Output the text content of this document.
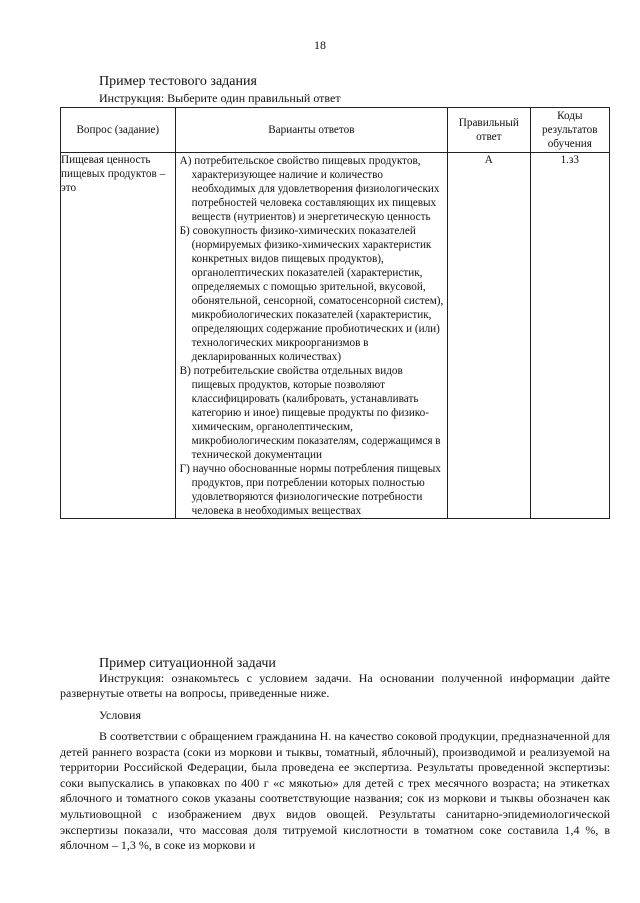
18
Пример тестового задания
Инструкция: Выберите один правильный ответ
Вопрос (задание)	Варианты ответов	Правильный ответ	Коды результатов обучения
Пищевая ценность пищевых продуктов – это	А) потребительское свойство пищевых продуктов, характеризующее наличие и количество необходимых для удовлетворения физиологических потребностей человека составляющих их пищевых веществ (нутриентов) и энергетическую ценность
Б) совокупность физико-химических показателей (нормируемых физико-химических характеристик конкретных видов пищевых продуктов), органолептических показателей (характеристик, определяемых с помощью зрительной, вкусовой, обонятельной, сенсорной, соматосенсорной систем), микробиологических показателей (характеристик, определяющих содержание пробиотических и (или) технологических микроорганизмов в декларированных количествах)
В) потребительские свойства отдельных видов пищевых продуктов, которые позволяют классифицировать (калибровать, устанавливать категорию и иное) пищевые продукты по физико-химическим, органолептическим, микробиологическим показателям, содержащимся в технической документации
Г) научно обоснованные нормы потребления пищевых продуктов, при потреблении которых полностью удовлетворяются физиологические потребности человека в необходимых веществах	А	1.з3
Пример ситуационной задачи
Инструкция: ознакомьтесь с условием задачи. На основании полученной информации дайте развернутые ответы на вопросы, приведенные ниже.
Условия
В соответствии с обращением гражданина Н. на качество соковой продукции, предназначенной для детей раннего возраста (соки из моркови и тыквы, томатный, яблочный), производимой и реализуемой на территории Российской Федерации, была проведена ее экспертиза. Результаты проведенной экспертизы: соки выпускались в упаковках по 400 г «с мякотью» для детей с трех месячного возраста; на этикетках яблочного и томатного соков указаны соответствующие названия; сок из моркови и тыквы обозначен как мультиовощной с изображением двух видов овощей. Результаты санитарно-эпидемиологической экспертизы показали, что массовая доля титруемой кислотности в томатном соке составила 1,4 %, в яблочном – 1,3 %, в соке из моркови и
